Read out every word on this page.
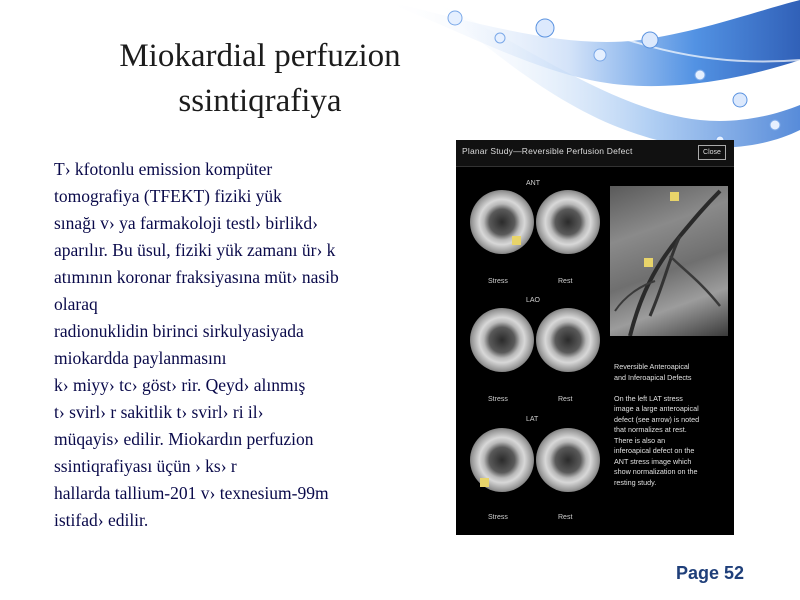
Miokardial perfuzion
ssintiqrafiya
T› kfotonlu emission kompüter
tomografiya (TFEKT) fiziki yük
sınağı v› ya farmakoloji testl› birlikd›
aparılır. Bu üsul, fiziki yük zamanı ür› k
atımının koronar fraksiyasına müt› nasib
olaraq
radionuklidin birinci sirkulyasiyada
miokardda paylanmasını
k› miyy› tc› göst› rir. Qeyd› alınmış
t› svirl› r sakitlik t› svirl› ri il›
müqayis› edilir. Miokardın perfuzion
ssintiqrafiyası üçün › ks› r
hallarda tallium-201 v› texnesium-99m
istifad› edilir.
Planar Study—Reversible Perfusion Defect	Close
ANT
Stress	Rest
LAO
Stress	Rest
LAT
Stress	Rest
Reversible Anteroapical
and Inferoapical Defects

On the left LAT stress
image a large anteroapical
defect (see arrow) is noted
that normalizes at rest.
There is also an
inferoapical defect on the
ANT stress image which
show normalization on the
resting study.
Page 52
